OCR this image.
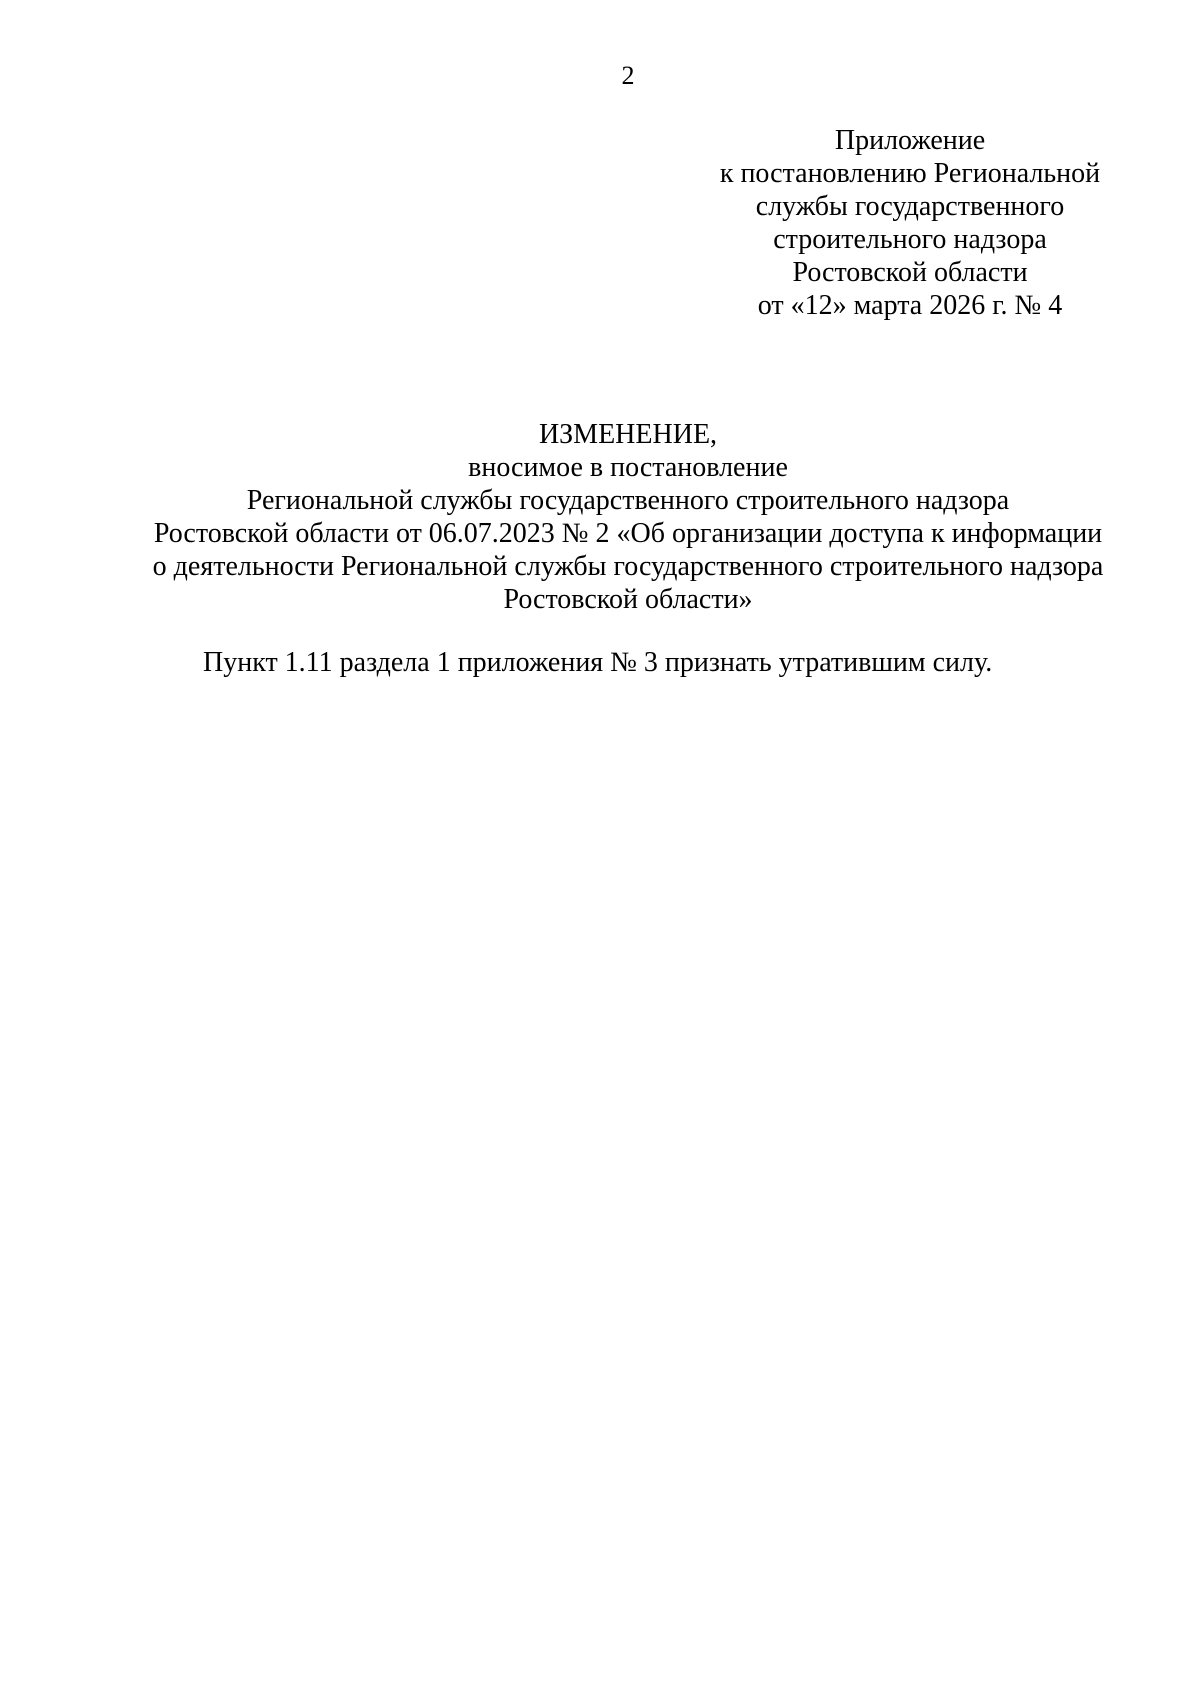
2
Приложение
к постановлению Региональной
службы государственного
строительного надзора
Ростовской области
от «12» марта 2026 г. № 4
ИЗМЕНЕНИЕ,
вносимое в постановление
Региональной службы государственного строительного надзора
Ростовской области от 06.07.2023 № 2 «Об организации доступа к информации
о деятельности Региональной службы государственного строительного надзора
Ростовской области»
Пункт 1.11 раздела 1 приложения № 3 признать утратившим силу.
